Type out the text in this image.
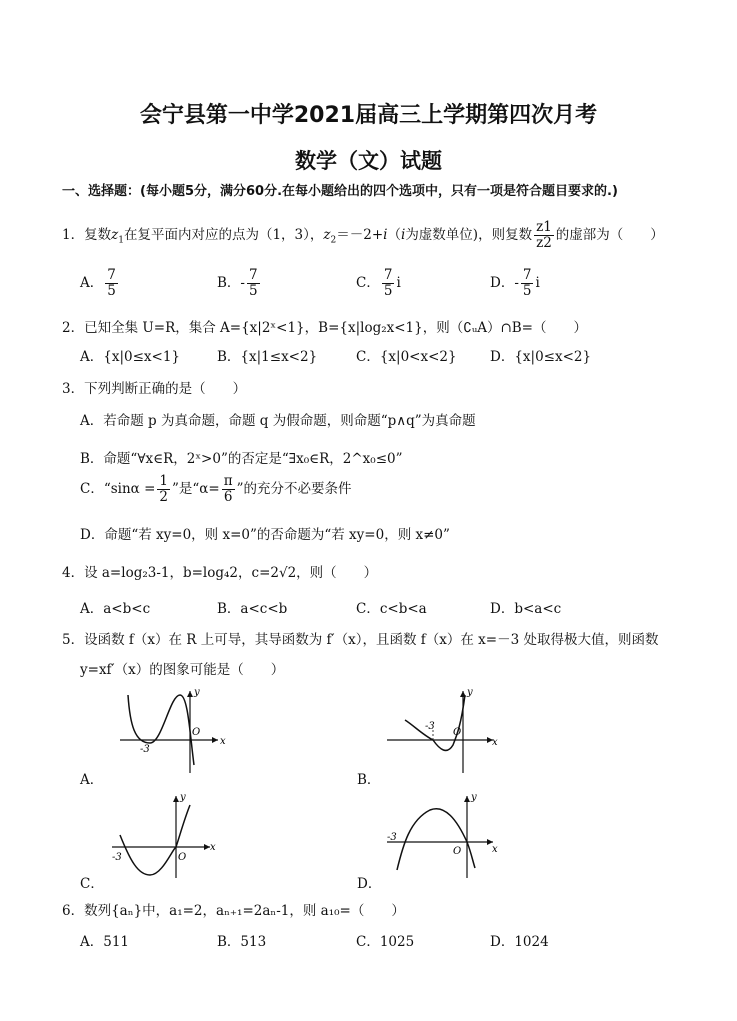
会宁县第一中学2021届高三上学期第四次月考
数学（文）试题
一、选择题：(每小题5分，满分60分.在每小题给出的四个选项中，只有一项是符合题目要求的.)
1．复数$z_1$在复平面内对应的点为（1，3），$z_2=-2+i(i$为虚数单位)，则复数 $\frac{z1}{z2}$ 的虚部为（　　）
A． $\frac{7}{5}$	B．- $\frac{7}{5}$	C． $\frac{7}{5}$ i	D．- $\frac{7}{5}$ i
2．已知全集 U=R，集合 A={x|2ˣ<1}，B={x|log₂x<1}，则（∁ᵤA）∩B=（　　）
A．{x|0≤x<1}	B．{x|1≤x<2}	C．{x|0<x<2} D．{x|0≤x<2}
3．下列判断正确的是（　　）
A．若命题 p 为真命题，命题 q 为假命题，则命题“p∧q”为真命题
B．命题“∀x∈R，2ˣ>0”的否定是“∃x₀∈R，2^x₀≤0”
C．“$\sin\alpha = \frac{1}{2}$ ”是“$\alpha= \frac{\pi}{6}$ ”的充分不必要条件
D．命题“若 xy=0，则 x=0”的否命题为“若 xy=0，则 x≠0”
4．设 a=log₂3-1，b=log₄2，c=2√2，则（　　）
A．a<b<c	B．a<c<b	C．c<b<a	D．b<a<c
5．设函数 f（x）在 R 上可导，其导函数为 f′（x），且函数 f（x）在 x=－3 处取得极大值，则函数
y=xf′（x）的图象可能是（　　）
A．	B．
C．	D．
y
x
O
-3
y
x
O
-3
y
x
O
-3
y
x
O
-3
6．数列{aₙ}中，a₁=2，aₙ₊₁=2aₙ-1，则 a₁₀=（　　）
A．511	B．513	C．1025	D．1024
